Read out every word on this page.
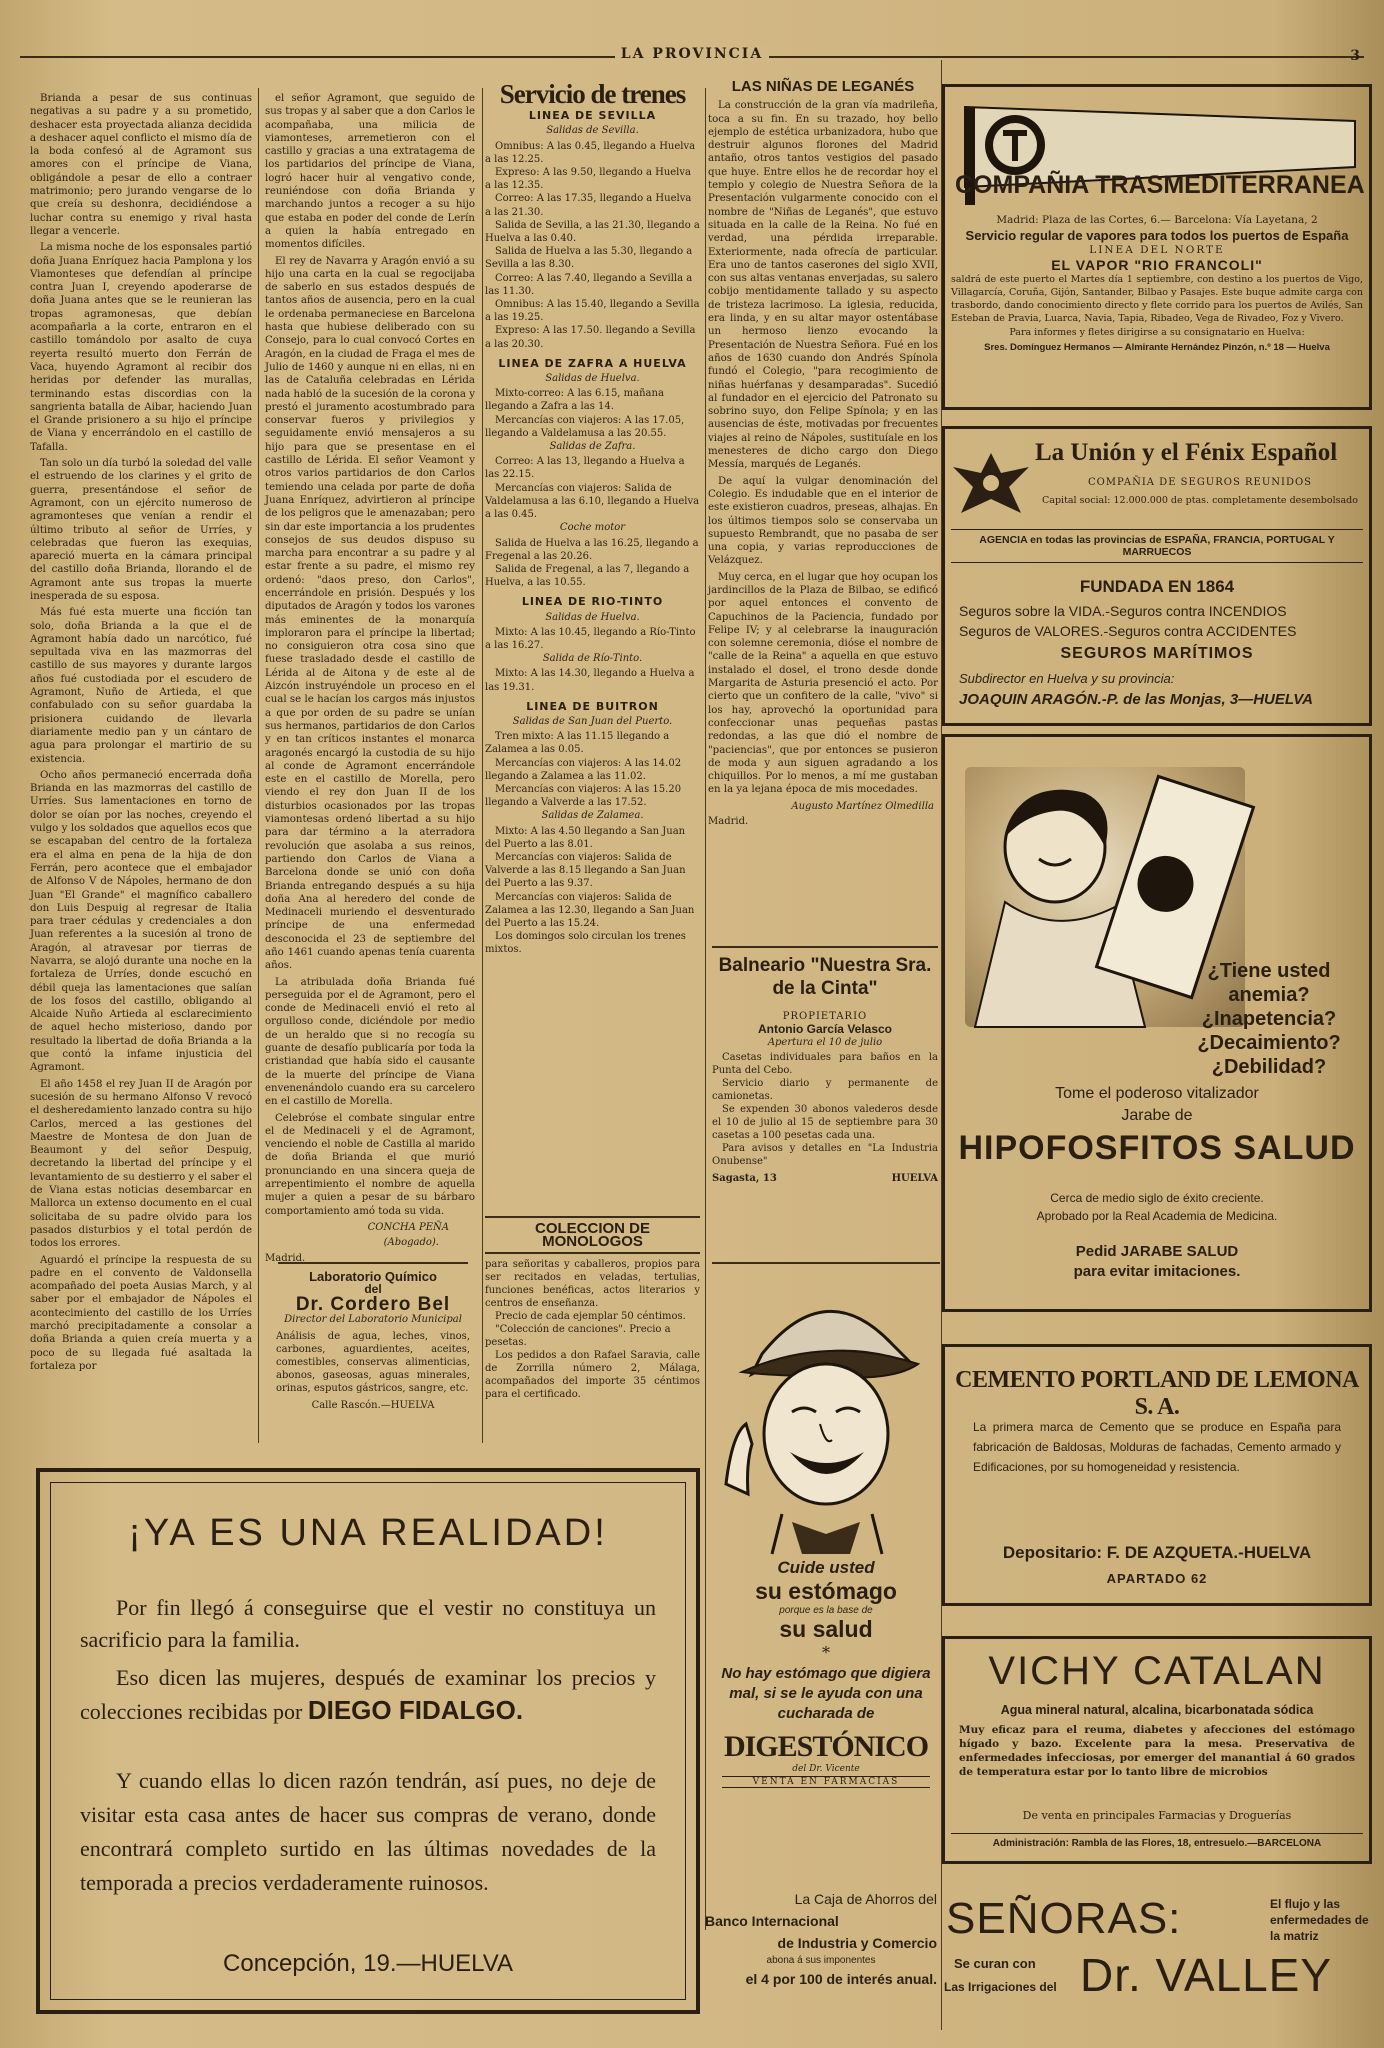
LA PROVINCIA	3

Brianda a pesar de sus continuas negativas a su padre y a su prometido, deshacer esta proyectada alianza decidida a deshacer aquel conflicto el mismo día de la boda confesó al de Agramont sus amores con el príncipe de Viana, obligándole a pesar de ello a contraer matrimonio; pero jurando vengarse de lo que creía su deshonra, decidiéndose a luchar contra su enemigo y rival hasta llegar a vencerle.

La misma noche de los esponsales partió doña Juana Enríquez hacia Pamplona y los Viamonteses que defendían al príncipe contra Juan I, creyendo apoderarse de doña Juana antes que se le reunieran las tropas agramonesas, que debían acompañarla a la corte, entraron en el castillo tomándolo por asalto de cuya reyerta resultó muerto don Ferrán de Vaca, huyendo Agramont al recibir dos heridas por defender las murallas, terminando estas discordias con la sangrienta batalla de Aibar, haciendo Juan el Grande prisionero a su hijo el príncipe de Viana y encerrándolo en el castillo de Tafalla.

Tan solo un día turbó la soledad del valle el estruendo de los clarines y el grito de guerra, presentándose el señor de Agramont, con un ejército numeroso de agramonteses que venían a rendir el último tributo al señor de Urríes, y celebradas que fueron las exequias, apareció muerta en la cámara principal del castillo doña Brianda, llorando el de Agramont ante sus tropas la muerte inesperada de su esposa.

Más fué esta muerte una ficción tan solo, doña Brianda a la que el de Agramont había dado un narcótico, fué sepultada viva en las mazmorras del castillo de sus mayores y durante largos años fué custodiada por el escudero de Agramont, Nuño de Artieda, el que confabulado con su señor guardaba la prisionera cuidando de llevarla diariamente medio pan y un cántaro de agua para prolongar el martirio de su existencia.

Ocho años permaneció encerrada doña Brianda en las mazmorras del castillo de Urríes. Sus lamentaciones en torno de dolor se oían por las noches, creyendo el vulgo y los soldados que aquellos ecos que se escapaban del centro de la fortaleza era el alma en pena de la hija de don Ferrán, pero acontece que el embajador de Alfonso V de Nápoles, hermano de don Juan "El Grande" el magnífico caballero don Luis Despuig al regresar de Italia para traer cédulas y credenciales a don Juan referentes a la sucesión al trono de Aragón, al atravesar por tierras de Navarra, se alojó durante una noche en la fortaleza de Urríes, donde escuchó en débil queja las lamentaciones que salían de los fosos del castillo, obligando al Alcaide Nuño Artieda al esclarecimiento de aquel hecho misterioso, dando por resultado la libertad de doña Brianda a la que contó la infame injusticia del Agramont.

El año 1458 el rey Juan II de Aragón por sucesión de su hermano Alfonso V revocó el desheredamiento lanzado contra su hijo Carlos, merced a las gestiones del Maestre de Montesa de don Juan de Beaumont y del señor Despuig, decretando la libertad del príncipe y el levantamiento de su destierro y el saber el de Viana estas noticias desembarcar en Mallorca un extenso documento en el cual solicitaba de su padre olvido para los pasados disturbios y el total perdón de todos los errores.

Aguardó el príncipe la respuesta de su padre en el convento de Valdonsella acompañado del poeta Ausias March, y al saber por el embajador de Nápoles el acontecimiento del castillo de los Urríes marchó precipitadamente a consolar a doña Brianda a quien creía muerta y a poco de su llegada fué asaltada la fortaleza por

el señor Agramont, que seguido de sus tropas y al saber que a don Carlos le acompañaba, una milicia de viamonteses, arremetieron con el castillo y gracias a una extratagema de los partidarios del príncipe de Viana, logró hacer huir al vengativo conde, reuniéndose con doña Brianda y marchando juntos a recoger a su hijo que estaba en poder del conde de Lerín a quien la había entregado en momentos difíciles.

El rey de Navarra y Aragón envió a su hijo una carta en la cual se regocijaba de saberlo en sus estados después de tantos años de ausencia, pero en la cual le ordenaba permaneciese en Barcelona hasta que hubiese deliberado con su Consejo, para lo cual convocó Cortes en Aragón, en la ciudad de Fraga el mes de Julio de 1460 y aunque ni en ellas, ni en las de Cataluña celebradas en Lérida nada habló de la sucesión de la corona y prestó el juramento acostumbrado para conservar fueros y privilegios y seguidamente envió mensajeros a su hijo para que se presentase en el castillo de Lérida. El señor Veamont y otros varios partidarios de don Carlos temiendo una celada por parte de doña Juana Enríquez, advirtieron al príncipe de los peligros que le amenazaban; pero sin dar este importancia a los prudentes consejos de sus deudos dispuso su marcha para encontrar a su padre y al estar frente a su padre, el mismo rey ordenó: "daos preso, don Carlos", encerrándole en prisión. Después y los diputados de Aragón y todos los varones más eminentes de la monarquía imploraron para el príncipe la libertad; no consiguieron otra cosa sino que fuese trasladado desde el castillo de Lérida al de Aitona y de este al de Aizcón instruyéndole un proceso en el cual se le hacían los cargos más injustos a que por orden de su padre se unían sus hermanos, partidarios de don Carlos y en tan críticos instantes el monarca aragonés encargó la custodia de su hijo al conde de Agramont encerrándole este en el castillo de Morella, pero viendo el rey don Juan II de los disturbios ocasionados por las tropas viamontesas ordenó libertad a su hijo para dar término a la aterradora revolución que asolaba a sus reinos, partiendo don Carlos de Viana a Barcelona donde se unió con doña Brianda entregando después a su hija doña Ana al heredero del conde de Medinaceli muriendo el desventurado príncipe de una enfermedad desconocida el 23 de septiembre del año 1461 cuando apenas tenía cuarenta años.

La atribulada doña Brianda fué perseguida por el de Agramont, pero el conde de Medinaceli envió el reto al orgulloso conde, diciéndole por medio de un heraldo que si no recogía su guante de desafío publicaría por toda la cristiandad que había sido el causante de la muerte del príncipe de Viana envenenándolo cuando era su carcelero en el castillo de Morella.

Celebróse el combate singular entre el de Medinaceli y el de Agramont, venciendo el noble de Castilla al marido de doña Brianda el que murió pronunciando en una sincera queja de arrepentimiento el nombre de aquella mujer a quien a pesar de su bárbaro comportamiento amó toda su vida.

CONCHA PEÑA
(Abogado).
Madrid.
Laboratorio Químico
del
Dr. Cordero Bel
Director del Laboratorio Municipal
Análisis de agua, leches, vinos, carbones, aguardientes, aceites, comestibles, conservas alimenticias, abonos, gaseosas, aguas minerales, orinas, esputos gástricos, sangre, etc.
Calle Rascón.—HUELVA
Servicio de trenes
LINEA DE SEVILLA
Salidas de Sevilla.

Omnibus: A las 0.45, llegando a Huelva a las 12.25.

Expreso: A las 9.50, llegando a Huelva a las 12.35.

Correo: A las 17.35, llegando a Huelva a las 21.30.

Salida de Sevilla, a las 21.30, llegando a Huelva a las 0.40.

Salida de Huelva a las 5.30, llegando a Sevilla a las 8.30.

Correo: A las 7.40, llegando a Sevilla a las 11.30.

Omnibus: A las 15.40, llegando a Sevilla a las 19.25.

Expreso: A las 17.50. llegando a Sevilla a las 20.30.

LINEA DE ZAFRA A HUELVA
Salidas de Huelva.

Mixto-correo: A las 6.15, mañana llegando a Zafra a las 14.

Mercancías con viajeros: A las 17.05, llegando a Valdelamusa a las 20.55.

Salidas de Zafra.

Correo: A las 13, llegando a Huelva a las 22.15.

Mercancías con viajeros: Salida de Valdelamusa a las 6.10, llegando a Huelva a las 0.45.

Coche motor

Salida de Huelva a las 16.25, llegando a Fregenal a las 20.26.

Salida de Fregenal, a las 7, llegando a Huelva, a las 10.55.

LINEA DE RIO-TINTO
Salidas de Huelva.

Mixto: A las 10.45, llegando a Río-Tinto a las 16.27.

Salida de Río-Tinto.

Mixto: A las 14.30, llegando a Huelva a las 19.31.

LINEA DE BUITRON
Salidas de San Juan del Puerto.

Tren mixto: A las 11.15 llegando a Zalamea a las 0.05.

Mercancías con viajeros: A las 14.02 llegando a Zalamea a las 11.02.

Mercancías con viajeros: A las 15.20 llegando a Valverde a las 17.52.

Salidas de Zalamea.

Mixto: A las 4.50 llegando a San Juan del Puerto a las 8.01.

Mercancías con viajeros: Salida de Valverde a las 8.15 llegando a San Juan del Puerto a las 9.37.

Mercancías con viajeros: Salida de Zalamea a las 12.30, llegando a San Juan del Puerto a las 15.24.

Los domingos solo circulan los trenes mixtos.

COLECCION DE MONOLOGOS

para señoritas y caballeros, propios para ser recitados en veladas, tertulias, funciones benéficas, actos literarios y centros de enseñanza.

Precio de cada ejemplar 50 céntimos.

"Colección de canciones". Precio a pesetas.

Los pedidos a don Rafael Saravia, calle de Zorrilla número 2, Málaga, acompañados del importe 35 céntimos para el certificado.

LAS NIÑAS DE LEGANÉS

La construcción de la gran vía madrileña, toca a su fin. En su trazado, hoy bello ejemplo de estética urbanizadora, hubo que destruir algunos florones del Madrid antaño, otros tantos vestigios del pasado que huye. Entre ellos he de recordar hoy el templo y colegio de Nuestra Señora de la Presentación vulgarmente conocido con el nombre de "Niñas de Leganés", que estuvo situada en la calle de la Reina. No fué en verdad, una pérdida irreparable. Exteriormente, nada ofrecía de particular. Era uno de tantos caserones del siglo XVII, con sus altas ventanas enverjadas, su salero cobijo mentidamente tallado y su aspecto de tristeza lacrimoso. La iglesia, reducida, era linda, y en su altar mayor ostentábase un hermoso lienzo evocando la Presentación de Nuestra Señora. Fué en los años de 1630 cuando don Andrés Spínola fundó el Colegio, "para recogimiento de niñas huérfanas y desamparadas". Sucedió al fundador en el ejercicio del Patronato su sobrino suyo, don Felipe Spínola; y en las ausencias de éste, motivadas por frecuentes viajes al reino de Nápoles, sustituíale en los menesteres de dicho cargo don Diego Messía, marqués de Leganés.

De aquí la vulgar denominación del Colegio. Es indudable que en el interior de este existieron cuadros, preseas, alhajas. En los últimos tiempos solo se conservaba un supuesto Rembrandt, que no pasaba de ser una copia, y varias reproducciones de Velázquez.

Muy cerca, en el lugar que hoy ocupan los jardincillos de la Plaza de Bilbao, se edificó por aquel entonces el convento de Capuchinos de la Paciencia, fundado por Felipe IV; y al celebrarse la inauguración con solemne ceremonia, dióse el nombre de "calle de la Reina" a aquella en que estuvo instalado el dosel, el trono desde donde Margarita de Asturia presenció el acto. Por cierto que un confitero de la calle, "vivo" si los hay, aprovechó la oportunidad para confeccionar unas pequeñas pastas redondas, a las que dió el nombre de "paciencias", que por entonces se pusieron de moda y aun siguen agradando a los chiquillos. Por lo menos, a mí me gustaban en la ya lejana época de mis mocedades.

Augusto Martínez Olmedilla
Madrid.
Balneario "Nuestra Sra. de la Cinta"
PROPIETARIO
Antonio García Velasco
Apertura el 10 de julio

Casetas individuales para baños en la Punta del Cebo.

Servicio diario y permanente de camionetas.

Se expenden 30 abonos valederos desde el 10 de julio al 15 de septiembre para 30 casetas a 100 pesetas cada una.

Para avisos y detalles en "La Industria Onubense"

Sagasta, 13	HUELVA
Cuide usted
su estómago
porque es la base de
su salud
*
No hay estómago que digiera mal, si se le ayuda con una cucharada de
DIGESTÓNICO
del Dr. Vicente
VENTA EN FARMACIAS
La Caja de Ahorros del
Banco Internacional
de Industria y Comercio
abona á sus imponentes
el 4 por 100 de interés anual.
COMPAÑIA TRASMEDITERRANEA
Madrid: Plaza de las Cortes, 6.— Barcelona: Vía Layetana, 2
Servicio regular de vapores para todos los puertos de España
LINEA DEL NORTE
EL VAPOR "RIO FRANCOLI"
saldrá de este puerto el Martes día 1 septiembre, con destino a los puertos de Vigo, Villagarcía, Coruña, Gijón, Santander, Bilbao y Pasajes. Este buque admite carga con trasbordo, dando conocimiento directo y flete corrido para los puertos de Avilés, San Esteban de Pravia, Luarca, Navia, Tapia, Ribadeo, Vega de Rivadeo, Foz y Vivero.
Para informes y fletes dirigirse a su consignatario en Huelva:
Sres. Domínguez Hermanos — Almirante Hernández Pinzón, n.º 18 — Huelva
La Unión y el Fénix Español
COMPAÑIA DE SEGUROS REUNIDOS
Capital social: 12.000.000 de ptas. completamente desembolsado
AGENCIA en todas las provincias de ESPAÑA, FRANCIA, PORTUGAL Y MARRUECOS
FUNDADA EN 1864
Seguros sobre la VIDA.-Seguros contra INCENDIOS
Seguros de VALORES.-Seguros contra ACCIDENTES
SEGUROS MARÍTIMOS
Subdirector en Huelva y su provincia:
JOAQUIN ARAGÓN.-P. de las Monjas, 3—HUELVA
¿Tiene usted
anemia?
¿Inapetencia?
¿Decaimiento?
¿Debilidad?
Tome el poderoso vitalizador
Jarabe de
HIPOFOSFITOS SALUD
Cerca de medio siglo de éxito creciente.
Aprobado por la Real Academia de Medicina.
Pedid JARABE SALUD
para evitar imitaciones.
CEMENTO PORTLAND DE LEMONA S. A.
La primera marca de Cemento que se produce en España para fabricación de Baldosas, Molduras de fachadas, Cemento armado y Edificaciones, por su homogeneidad y resistencia.
Depositario: F. DE AZQUETA.-HUELVA
APARTADO 62
VICHY CATALAN
Agua mineral natural, alcalina, bicarbonatada sódica
Muy eficaz para el reuma, diabetes y afecciones del estómago hígado y bazo. Excelente para la mesa. Preservativa de enfermedades infecciosas, por emerger del manantial á 60 grados de temperatura estar por lo tanto libre de microbios
De venta en principales Farmacias y Droguerías
Administración: Rambla de las Flores, 18, entresuelo.—BARCELONA
SEÑORAS:	El flujo y las enfermedades de la matriz
Se curan con
Las Irrigaciones del Dr. VALLEY
¡YA ES UNA REALIDAD!
Por fin llegó á conseguirse que el vestir no constituya un sacrificio para la familia.
Eso dicen las mujeres, después de examinar los precios y colecciones recibidas por DIEGO FIDALGO.
Y cuando ellas lo dicen razón tendrán, así pues, no deje de visitar esta casa antes de hacer sus compras de verano, donde encontrará completo surtido en las últimas novedades de la temporada a precios verdaderamente ruinosos.
Concepción, 19.—HUELVA
